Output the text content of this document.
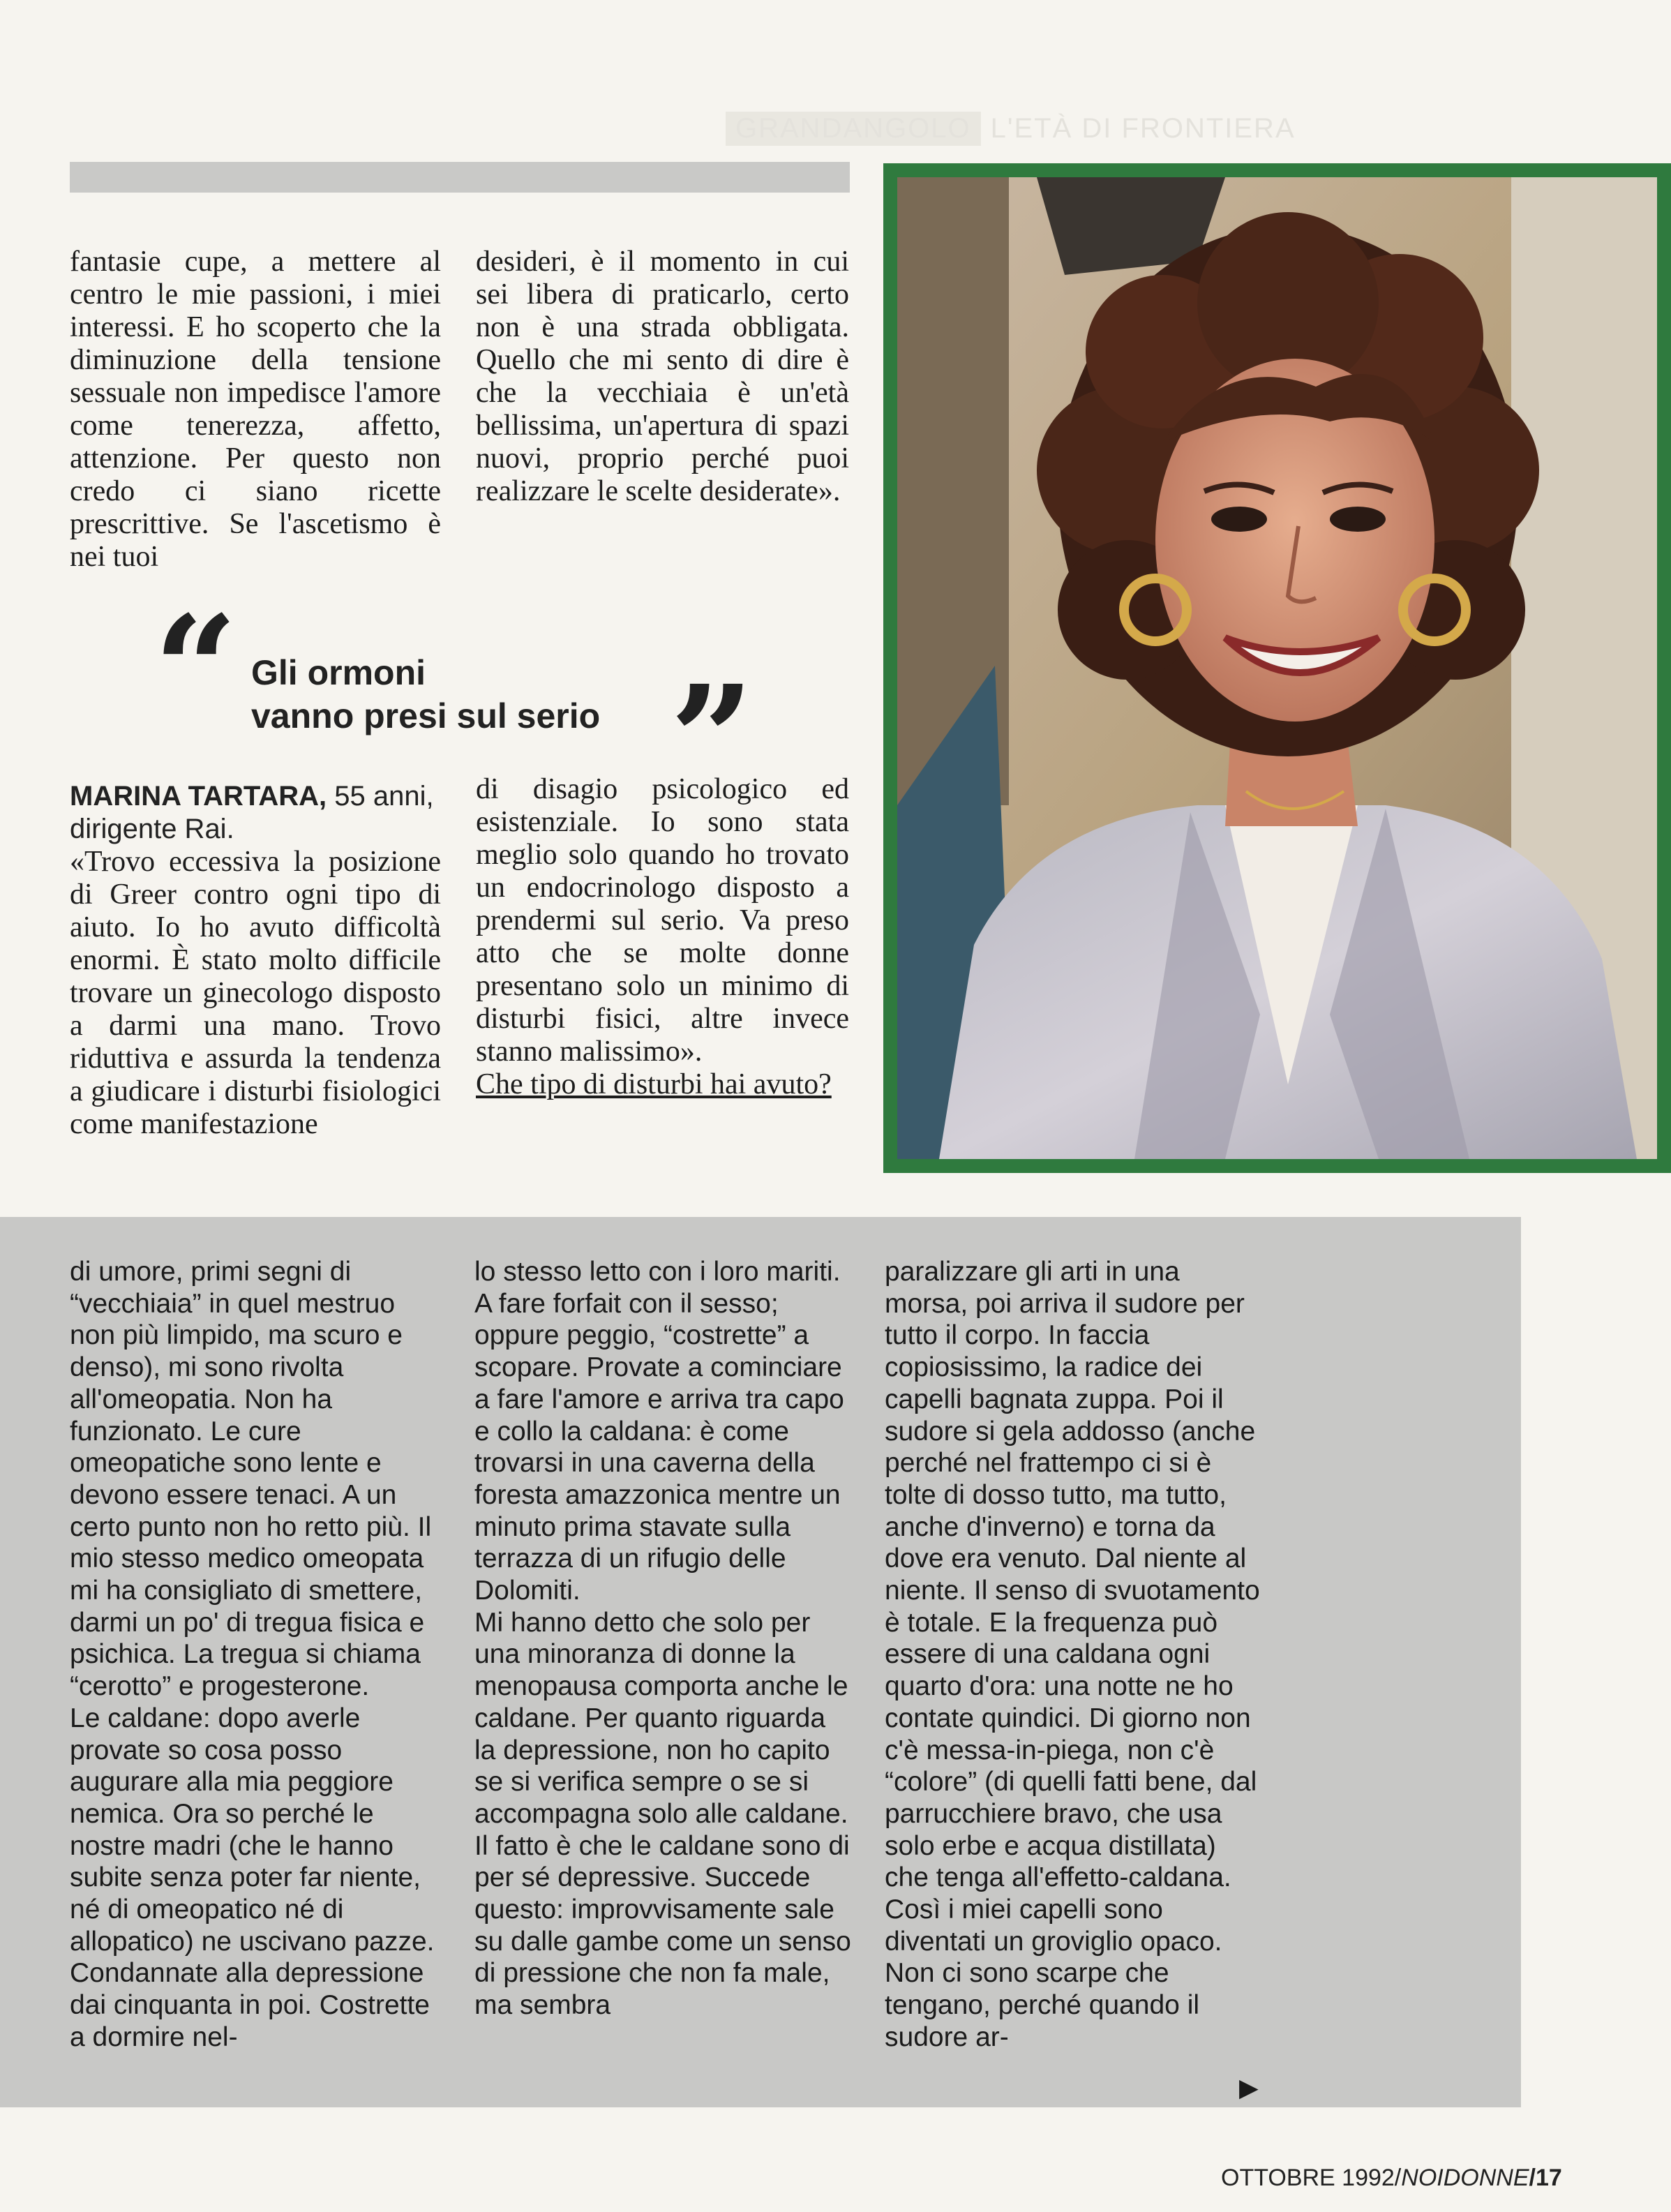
GRANDANGOLO L'ETÀ DI FRONTIERA

fantasie cupe, a mettere al centro le mie passioni, i miei interessi. E ho scoperto che la diminuzione della tensione sessuale non impedisce l'amore come tenerezza, affetto, attenzione. Per questo non credo ci siano ricette prescrittive. Se l'ascetismo è nei tuoi

desideri, è il momento in cui sei libera di praticarlo, certo non è una strada obbligata. Quello che mi sento di dire è che la vecchiaia è un'età bellissima, un'apertura di spazi nuovi, proprio perché puoi realizzare le scelte desiderate».

“ Gli ormoni
vanno presi sul serio ”
MARINA TARTARA, 55 anni,
dirigente Rai.

«Trovo eccessiva la posizione di Greer contro ogni tipo di aiuto. Io ho avuto difficoltà enormi. È stato molto difficile trovare un ginecologo disposto a darmi una mano. Trovo riduttiva e assurda la tendenza a giudicare i disturbi fisiologici come manifestazione

di disagio psicologico ed esistenziale. Io sono stata meglio solo quando ho trovato un endocrinologo disposto a prendermi sul serio. Va preso atto che se molte donne presentano solo un minimo di disturbi fisici, altre invece stanno malissimo».

Che tipo di disturbi hai avuto?

di umore, primi segni di “vecchiaia” in quel mestruo non più limpido, ma scuro e denso), mi sono rivolta all'omeopatia. Non ha funzionato. Le cure omeopatiche sono lente e devono essere tenaci. A un certo punto non ho retto più. Il mio stesso medico omeopata mi ha consigliato di smettere, darmi un po' di tregua fisica e psichica. La tregua si chiama “cerotto” e progesterone.

Le caldane: dopo averle provate so cosa posso augurare alla mia peggiore nemica. Ora so perché le nostre madri (che le hanno subite senza poter far niente, né di omeopatico né di allopatico) ne uscivano pazze. Condannate alla depressione dai cinquanta in poi. Costrette a dormire nel-

lo stesso letto con i loro mariti. A fare forfait con il sesso; oppure peggio, “costrette” a scopare. Provate a cominciare a fare l'amore e arriva tra capo e collo la caldana: è come trovarsi in una caverna della foresta amazzonica mentre un minuto prima stavate sulla terrazza di un rifugio delle Dolomiti.

Mi hanno detto che solo per una minoranza di donne la menopausa comporta anche le caldane. Per quanto riguarda la depressione, non ho capito se si verifica sempre o se si accompagna solo alle caldane. Il fatto è che le caldane sono di per sé depressive. Succede questo: improvvisamente sale su dalle gambe come un senso di pressione che non fa male, ma sembra

paralizzare gli arti in una morsa, poi arriva il sudore per tutto il corpo. In faccia copiosissimo, la radice dei capelli bagnata zuppa. Poi il sudore si gela addosso (anche perché nel frattempo ci si è tolte di dosso tutto, ma tutto, anche d'inverno) e torna da dove era venuto. Dal niente al niente. Il senso di svuotamento è totale. E la frequenza può essere di una caldana ogni quarto d'ora: una notte ne ho contate quindici. Di giorno non c'è messa-in-piega, non c'è “colore” (di quelli fatti bene, dal parrucchiere bravo, che usa solo erbe e acqua distillata) che tenga all'effetto-caldana. Così i miei capelli sono diventati un groviglio opaco. Non ci sono scarpe che tengano, perché quando il sudore ar-

▶
OTTOBRE 1992/NOIDONNE/17
